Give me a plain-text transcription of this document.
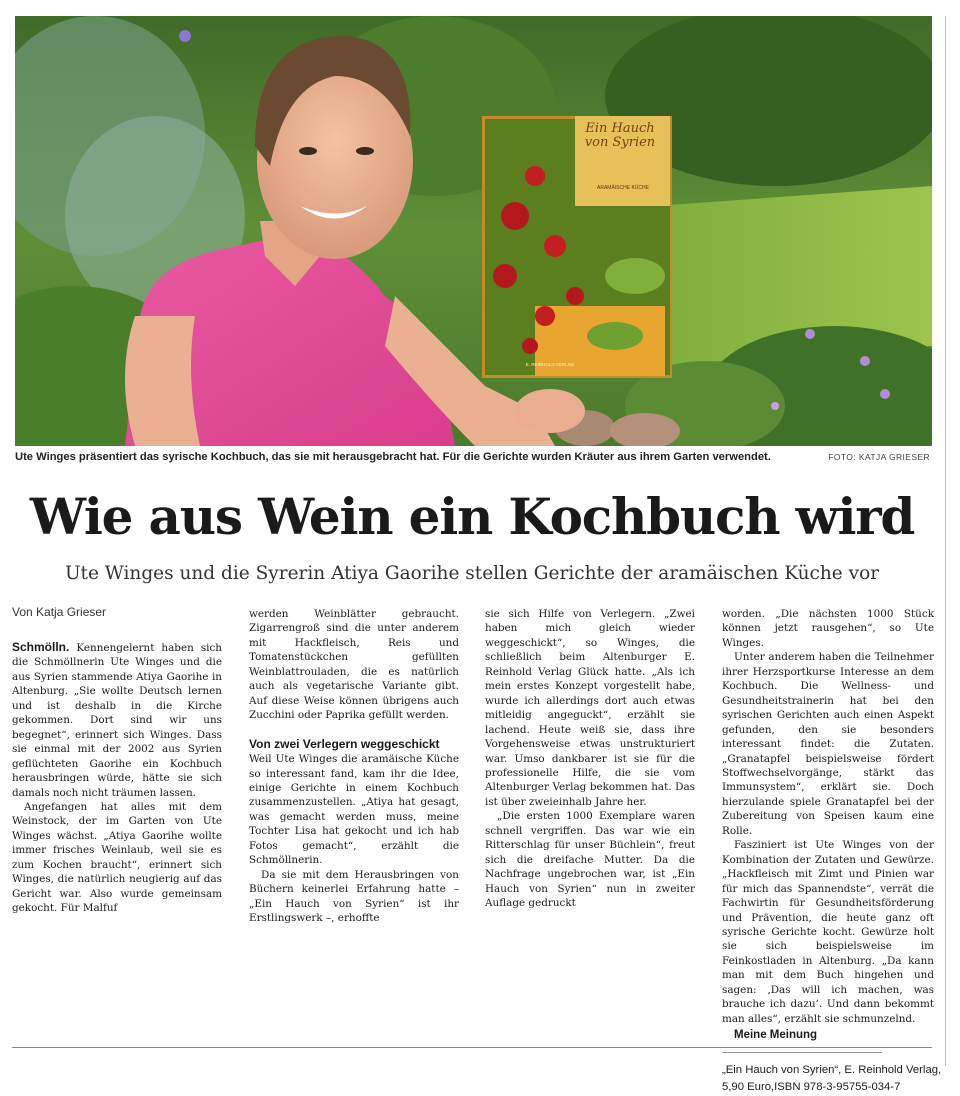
Ein Hauch von Syrien
ARAMÄISCHE KÜCHE
E. REINHOLD VERLAG
Ute Winges präsentiert das syrische Kochbuch, das sie mit herausgebracht hat. Für die Gerichte wurden Kräuter aus ihrem Garten verwendet.	FOTO: KATJA GRIESER
Wie aus Wein ein Kochbuch wird
Ute Winges und die Syrerin Atiya Gaorihe stellen Gerichte der aramäischen Küche vor
Von Katja Grieser

Schmölln. Kennengelernt haben sich die Schmöllnerin Ute Winges und die aus Syrien stammende Atiya Gaorihe in Altenburg. „Sie wollte Deutsch lernen und ist deshalb in die Kirche gekommen. Dort sind wir uns begegnet“, erinnert sich Winges. Dass sie einmal mit der 2002 aus Syrien geflüchteten Gaorihe ein Kochbuch herausbringen würde, hätte sie sich damals noch nicht träumen lassen.

Angefangen hat alles mit dem Weinstock, der im Garten von Ute Winges wächst. „Atiya Gaorihe wollte immer frisches Weinlaub, weil sie es zum Kochen braucht“, erinnert sich Winges, die natürlich neugierig auf das Gericht war. Also wurde gemeinsam gekocht. Für Malfuf

werden Weinblätter gebraucht. Zigarrengroß sind die unter anderem mit Hackfleisch, Reis und Tomatenstückchen gefüllten Weinblattrouladen, die es natürlich auch als vegetarische Variante gibt. Auf diese Weise können übrigens auch Zucchini oder Paprika gefüllt werden.

Von zwei Verlegern weggeschickt

Weil Ute Winges die aramäische Küche so interessant fand, kam ihr die Idee, einige Gerichte in einem Kochbuch zusammenzustellen. „Atiya hat gesagt, was gemacht werden muss, meine Tochter Lisa hat gekocht und ich hab Fotos gemacht“, erzählt die Schmöllnerin.

Da sie mit dem Herausbringen von Büchern keinerlei Erfahrung hatte – „Ein Hauch von Syrien“ ist ihr Erstlingswerk –, erhoffte

sie sich Hilfe von Verlegern. „Zwei haben mich gleich wieder weggeschickt“, so Winges, die schließlich beim Altenburger E. Reinhold Verlag Glück hatte. „Als ich mein erstes Konzept vorgestellt habe, wurde ich allerdings dort auch etwas mitleidig angeguckt“, erzählt sie lachend. Heute weiß sie, dass ihre Vorgehensweise etwas unstrukturiert war. Umso dankbarer ist sie für die professionelle Hilfe, die sie vom Altenburger Verlag bekommen hat. Das ist über zweieinhalb Jahre her.

„Die ersten 1000 Exemplare waren schnell vergriffen. Das war wie ein Ritterschlag für unser Büchlein“, freut sich die dreifache Mutter. Da die Nachfrage ungebrochen war, ist „Ein Hauch von Syrien“ nun in zweiter Auflage gedruckt

worden. „Die nächsten 1000 Stück können jetzt rausgehen“, so Ute Winges.

Unter anderem haben die Teilnehmer ihrer Herzsportkurse Interesse an dem Kochbuch. Die Wellness- und Gesundheitstrainerin hat bei den syrischen Gerichten auch einen Aspekt gefunden, den sie besonders interessant findet: die Zutaten. „Granatapfel beispielsweise fördert Stoffwechselvorgänge, stärkt das Immunsystem“, erklärt sie. Doch hierzulande spiele Granatapfel bei der Zubereitung von Speisen kaum eine Rolle.

Fasziniert ist Ute Winges von der Kombination der Zutaten und Gewürze. „Hackfleisch mit Zimt und Pinien war für mich das Spannendste“, verrät die Fachwirtin für Gesundheitsförderung und Prävention, die heute ganz oft syrische Gerichte kocht. Gewürze holt sie sich beispielsweise im Feinkostladen in Altenburg. „Da kann man mit dem Buch hingehen und sagen: ‚Das will ich machen, was brauche ich dazu‘. Und dann bekommt man alles“, erzählt sie schmunzelnd.

Meine Meinung

„Ein Hauch von Syrien“, E. Reinhold Verlag,

5,90 Euro,ISBN 978-3-95755-034-7
